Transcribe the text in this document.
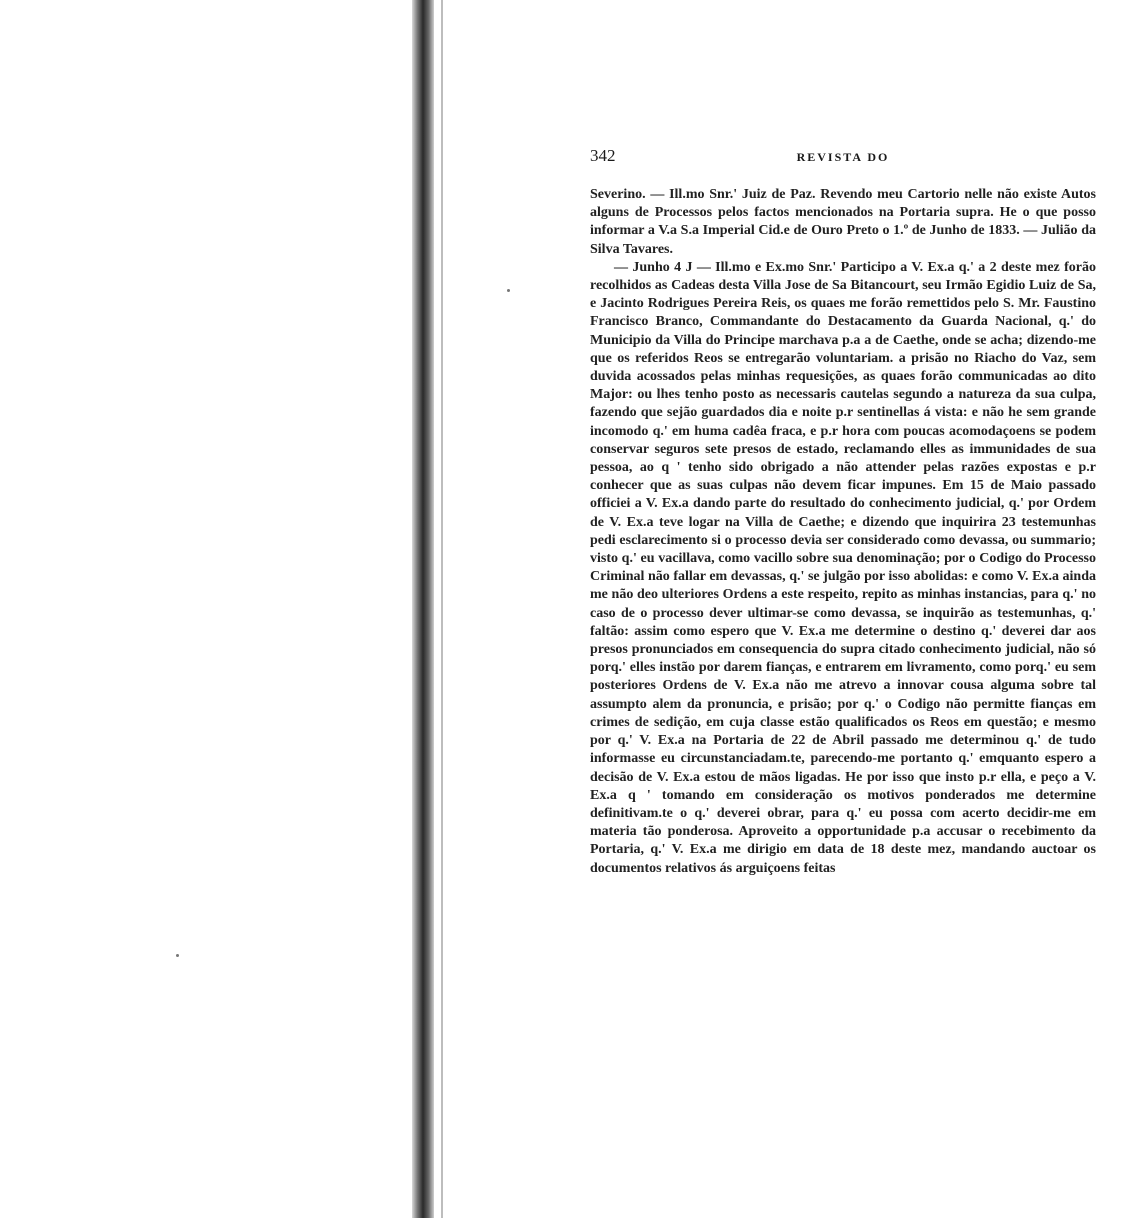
342	REVISTA DO

Severino. — Ill.mo Snr.' Juiz de Paz. Revendo meu Cartorio nelle não existe Autos alguns de Processos pelos factos mencionados na Portaria supra. He o que posso informar a V.a S.a Imperial Cid.e de Ouro Preto o 1.º de Junho de 1833. — Julião da Silva Tavares.

— Junho 4 J — Ill.mo e Ex.mo Snr.' Participo a V. Ex.a q.' a 2 deste mez forão recolhidos as Cadeas desta Villa Jose de Sa Bitancourt, seu Irmão Egidio Luiz de Sa, e Jacinto Rodrigues Pereira Reis, os quaes me forão remettidos pelo S. Mr. Faustino Francisco Branco, Commandante do Destacamento da Guarda Nacional, q.' do Municipio da Villa do Principe marchava p.a a de Caethe, onde se acha; dizendo-me que os referidos Reos se entregarão voluntariam. a prisão no Riacho do Vaz, sem duvida acossados pelas minhas requesições, as quaes forão communicadas ao dito Major: ou lhes tenho posto as necessaris cautelas segundo a natureza da sua culpa, fazendo que sejão guardados dia e noite p.r sentinellas á vista: e não he sem grande incomodo q.' em huma cadêa fraca, e p.r hora com poucas acomodaçoens se podem conservar seguros sete presos de estado, reclamando elles as immunidades de sua pessoa, ao q ' tenho sido obrigado a não attender pelas razões expostas e p.r conhecer que as suas culpas não devem ficar impunes. Em 15 de Maio passado officiei a V. Ex.a dando parte do resultado do conhecimento judicial, q.' por Ordem de V. Ex.a teve logar na Villa de Caethe; e dizendo que inquirira 23 testemunhas pedi esclarecimento si o processo devia ser considerado como devassa, ou summario; visto q.' eu vacillava, como vacillo sobre sua denominação; por o Codigo do Processo Criminal não fallar em devassas, q.' se julgão por isso abolidas: e como V. Ex.a ainda me não deo ulteriores Ordens a este respeito, repito as minhas instancias, para q.' no caso de o processo dever ultimar-se como devassa, se inquirão as testemunhas, q.' faltão: assim como espero que V. Ex.a me determine o destino q.' deverei dar aos presos pronunciados em consequencia do supra citado conhecimento judicial, não só porq.' elles instão por darem fianças, e entrarem em livramento, como porq.' eu sem posteriores Ordens de V. Ex.a não me atrevo a innovar cousa alguma sobre tal assumpto alem da pronuncia, e prisão; por q.' o Codigo não permitte fianças em crimes de sedição, em cuja classe estão qualificados os Reos em questão; e mesmo por q.' V. Ex.a na Portaria de 22 de Abril passado me determinou q.' de tudo informasse eu circunstanciadam.te, parecendo-me portanto q.' emquanto espero a decisão de V. Ex.a estou de mãos ligadas. He por isso que insto p.r ella, e peço a V. Ex.a q ' tomando em consideração os motivos ponderados me determine definitivam.te o q.' deverei obrar, para q.' eu possa com acerto decidir-me em materia tão ponderosa. Aproveito a opportunidade p.a accusar o recebimento da Portaria, q.' V. Ex.a me dirigio em data de 18 deste mez, mandando auctoar os documentos relativos ás arguiçoens feitas
